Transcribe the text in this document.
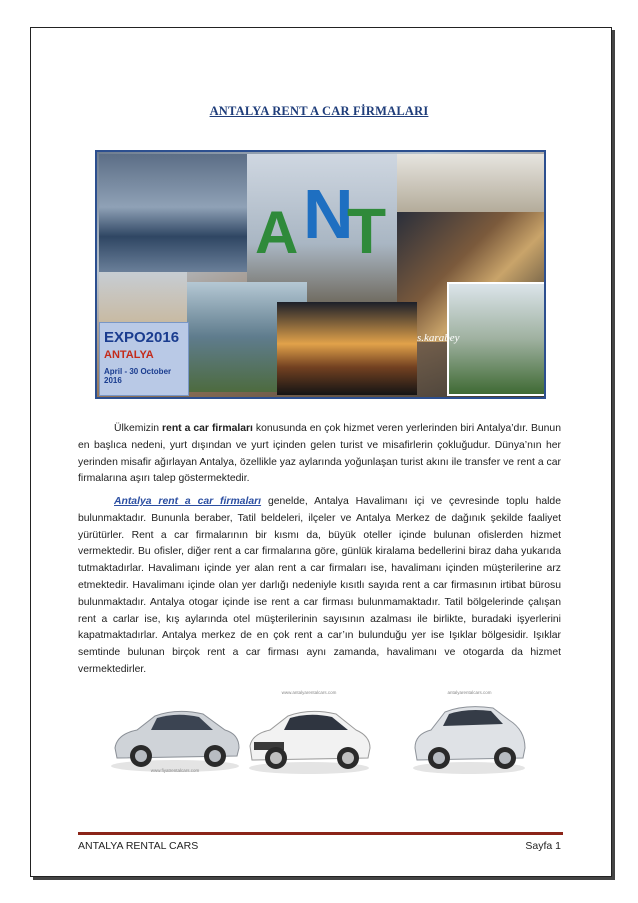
ANTALYA RENT A CAR FİRMALARI
A N
T
EXPO2016
ANTALYA
April - 30 October 2016
s.karabey
Ülkemizin rent a car firmaları konusunda en çok hizmet veren yerlerinden biri Antalya’dır. Bunun en başlıca nedeni, yurt dışından ve yurt içinden gelen turist ve misafirlerin çokluğudur. Dünya’nın her yerinden misafir ağırlayan Antalya, özellikle yaz aylarında yoğunlaşan turist akını ile transfer ve rent a car firmalarına aşırı talep göstermektedir.
Antalya rent a car firmaları genelde, Antalya Havalimanı içi ve çevresinde toplu halde bulunmaktadır. Bununla beraber, Tatil beldeleri, ilçeler ve Antalya Merkez de dağınık şekilde faaliyet yürütürler. Rent a car firmalarının bir kısmı da, büyük oteller içinde bulunan ofislerden hizmet vermektedir. Bu ofisler, diğer rent a car firmalarına göre, günlük kiralama bedellerini biraz daha yukarıda tutmaktadırlar. Havalimanı içinde yer alan rent a car firmaları ise, havalimanı içinden müşterilerine arz etmektedir. Havalimanı içinde olan yer darlığı nedeniyle kısıtlı sayıda rent a car firmasının irtibat bürosu bulunmaktadır. Antalya otogar içinde ise rent a car firması bulunmamaktadır. Tatil bölgelerinde çalışan rent a carlar ise, kış aylarında otel müşterilerinin sayısının azalması ile birlikte, buradaki işyerlerini kapatmaktadırlar. Antalya merkez de en çok rent a car’ın bulunduğu yer ise Işıklar bölgesidir. Işıklar semtinde bulunan birçok rent a car firması aynı zamanda, havalimanı ve otogarda da hizmet vermektedirler.
www.fiyatrentalcars.com
www.antalyarentalcars.com	antalyarentalcars.com
ANTALYA RENTAL CARS	Sayfa 1
